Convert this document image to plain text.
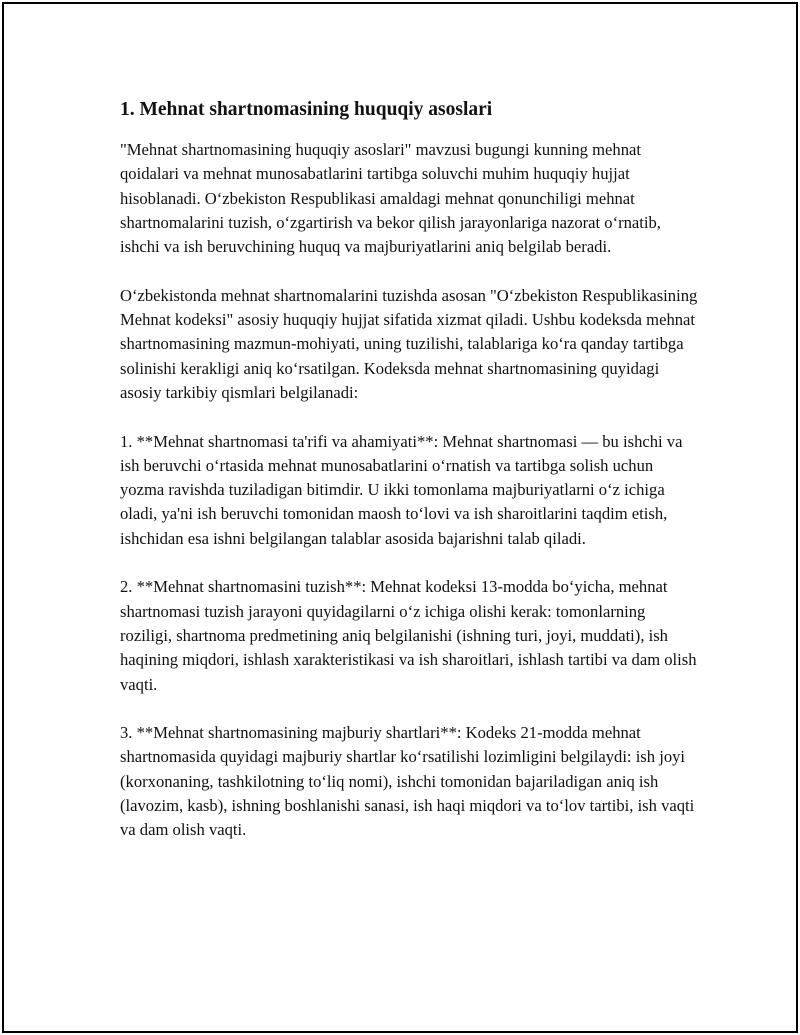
1. Mehnat shartnomasining huquqiy asoslari

"Mehnat shartnomasining huquqiy asoslari" mavzusi bugungi kunning mehnat qoidalari va mehnat munosabatlarini tartibga soluvchi muhim huquqiy hujjat hisoblanadi. O‘zbekiston Respublikasi amaldagi mehnat qonunchiligi mehnat shartnomalarini tuzish, o‘zgartirish va bekor qilish jarayonlariga nazorat o‘rnatib, ishchi va ish beruvchining huquq va majburiyatlarini aniq belgilab beradi.

O‘zbekistonda mehnat shartnomalarini tuzishda asosan "O‘zbekiston Respublikasining Mehnat kodeksi" asosiy huquqiy hujjat sifatida xizmat qiladi. Ushbu kodeksda mehnat shartnomasining mazmun-mohiyati, uning tuzilishi, talablariga ko‘ra qanday tartibga solinishi kerakligi aniq ko‘rsatilgan. Kodeksda mehnat shartnomasining quyidagi asosiy tarkibiy qismlari belgilanadi:

1. **Mehnat shartnomasi ta'rifi va ahamiyati**: Mehnat shartnomasi — bu ishchi va ish beruvchi o‘rtasida mehnat munosabatlarini o‘rnatish va tartibga solish uchun yozma ravishda tuziladigan bitimdir. U ikki tomonlama majburiyatlarni o‘z ichiga oladi, ya'ni ish beruvchi tomonidan maosh to‘lovi va ish sharoitlarini taqdim etish, ishchidan esa ishni belgilangan talablar asosida bajarishni talab qiladi.

2. **Mehnat shartnomasini tuzish**: Mehnat kodeksi 13-modda bo‘yicha, mehnat shartnomasi tuzish jarayoni quyidagilarni o‘z ichiga olishi kerak: tomonlarning roziligi, shartnoma predmetining aniq belgilanishi (ishning turi, joyi, muddati), ish haqining miqdori, ishlash xarakteristikasi va ish sharoitlari, ishlash tartibi va dam olish vaqti.

3. **Mehnat shartnomasining majburiy shartlari**: Kodeks 21-modda mehnat shartnomasida quyidagi majburiy shartlar ko‘rsatilishi lozimligini belgilaydi: ish joyi (korxonaning, tashkilotning to‘liq nomi), ishchi tomonidan bajariladigan aniq ish (lavozim, kasb), ishning boshlanishi sanasi, ish haqi miqdori va to‘lov tartibi, ish vaqti va dam olish vaqti.
